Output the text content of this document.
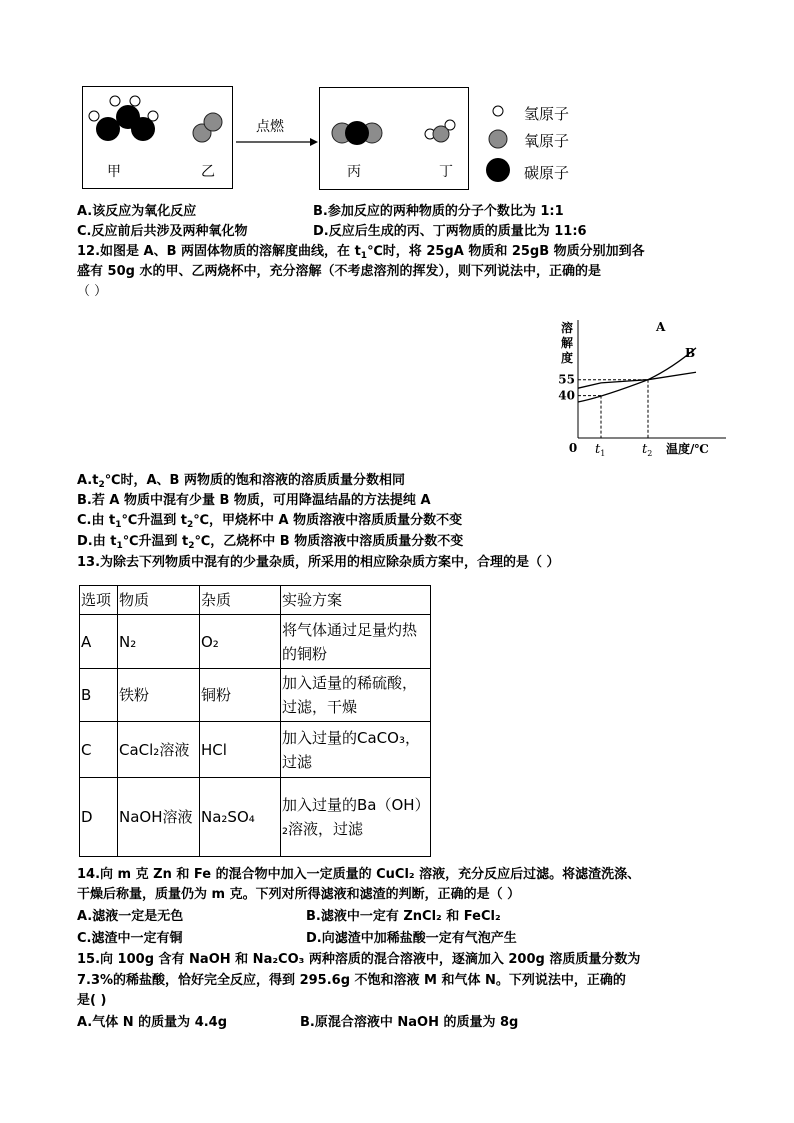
甲	乙
点燃
丙	丁
氢原子
氧原子
碳原子
A.该反应为氧化反应	B.参加反应的两种物质的分子个数比为 1:1
C.反应前后共涉及两种氧化物	D.反应后生成的丙、丁两物质的质量比为 11:6
12.如图是 A、B 两固体物质的溶解度曲线，在 $t_1℃$时，将 25gA 物质和 25gB 物质分别加到各
盛有 50g 水的甲、乙两烧杯中，充分溶解（不考虑溶剂的挥发），则下列说法中，正确的是
（ ）
溶解度
温度/℃
0 $t_1$	$t_2$
55
40
A
B
$A.t_2℃$时，A、B 两物质的饱和溶液的溶质质量分数相同
B.若 A 物质中混有少量 B 物质，可用降温结晶的方法提纯 A
C.由 $t_1℃$升温到 $t_2℃$，甲烧杯中 A 物质溶液中溶质质量分数不变
D.由 $t_1℃$升温到 $t_2℃$，乙烧杯中 B 物质溶液中溶质质量分数不变
13.为除去下列物质中混有的少量杂质，所采用的相应除杂质方案中，合理的是（ ）
选项	物质	杂质	实验方案
A	N₂	O₂	将气体通过足量灼热的铜粉
B	铁粉	铜粉	加入适量的稀硫酸，过滤，干燥
C	CaCl₂溶液	HCl	加入过量的CaCO₃，过滤
D	NaOH溶液	Na₂SO₄	加入过量的Ba（OH）₂溶液，过滤
14.向 m 克 Zn 和 Fe 的混合物中加入一定质量的 CuCl₂ 溶液，充分反应后过滤。将滤渣洗涤、
干燥后称量，质量仍为 m 克。下列对所得滤液和滤渣的判断，正确的是（ ）
A.滤液一定是无色	B.滤液中一定有 ZnCl₂ 和 FeCl₂
C.滤渣中一定有铜	D.向滤渣中加稀盐酸一定有气泡产生
15.向 100g 含有 NaOH 和 Na₂CO₃ 两种溶质的混合溶液中，逐滴加入 200g 溶质质量分数为
7.3%的稀盐酸，恰好完全反应，得到 295.6g 不饱和溶液 M 和气体 N。下列说法中，正确的
是( )
A.气体 N 的质量为 4.4g	B.原混合溶液中 NaOH 的质量为 8g
